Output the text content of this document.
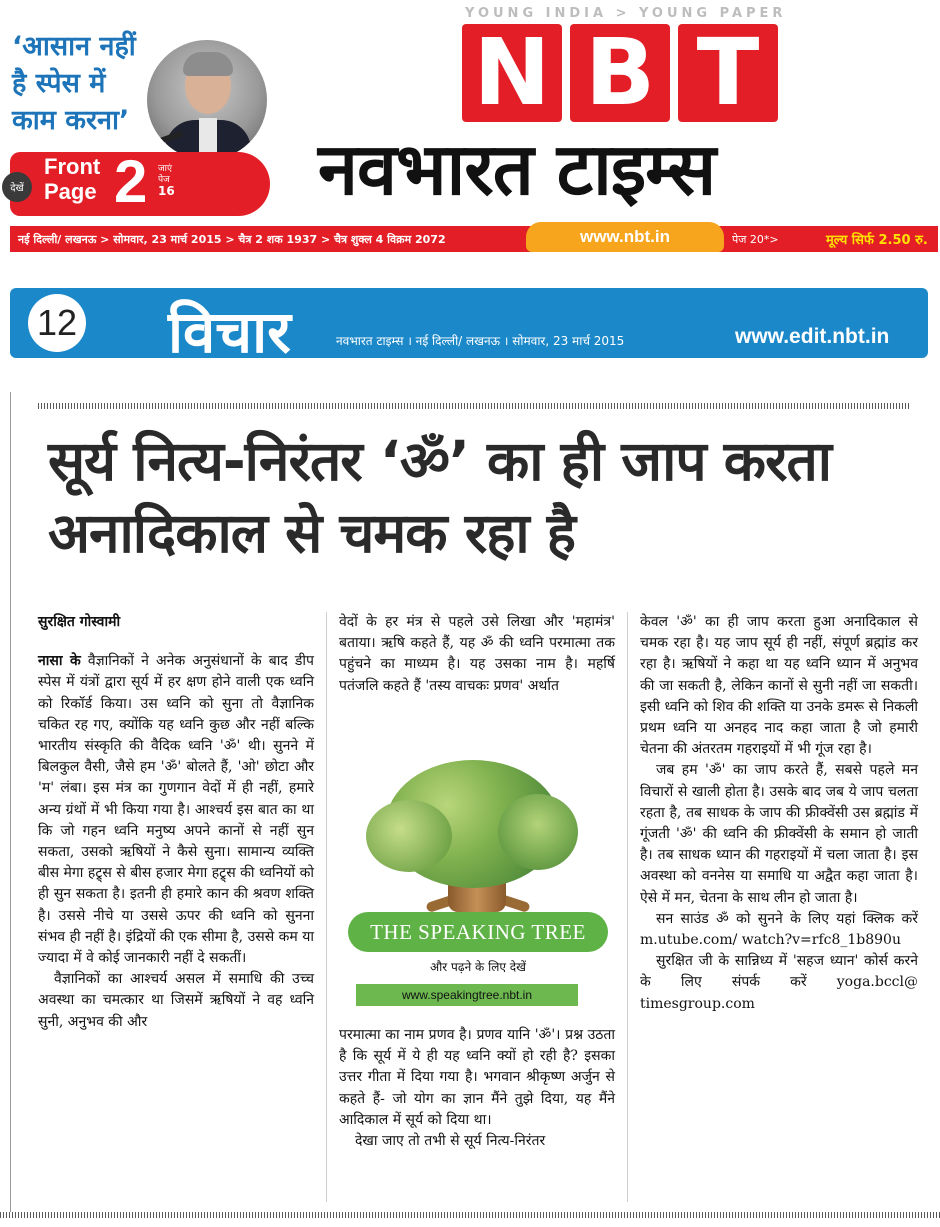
YOUNG INDIA > YOUNG PAPER
N B T
नवभारत टाइम्स
‘आसान नहीं है स्पेस में काम करना’
देखें
Front
Page 2 जाएं
पेज
16
नई दिल्ली/ लखनऊ > सोमवार, 23 मार्च 2015 > चैत्र 2 शक 1937 > चैत्र शुक्ल 4 विक्रम 2072	www.nbt.in	पेज 20*>	मूल्य सिर्फ 2.50 रु.
12 विचार	नवभारत टाइम्स । नई दिल्ली/ लखनऊ । सोमवार, 23 मार्च 2015	www.edit.nbt.in
सूर्य नित्य-निरंतर ‘ॐ’ का ही जाप करता अनादिकाल से चमक रहा है

सुरक्षित गोस्वामी

नासा के वैज्ञानिकों ने अनेक अनुसंधानों के बाद डीप स्पेस में यंत्रों द्वारा सूर्य में हर क्षण होने वाली एक ध्वनि को रिकॉर्ड किया। उस ध्वनि को सुना तो वैज्ञानिक चकित रह गए, क्योंकि यह ध्वनि कुछ और नहीं बल्कि भारतीय संस्कृति की वैदिक ध्वनि 'ॐ' थी। सुनने में बिलकुल वैसी, जैसे हम 'ॐ' बोलते हैं, 'ओ' छोटा और 'म' लंबा। इस मंत्र का गुणगान वेदों में ही नहीं, हमारे अन्य ग्रंथों में भी किया गया है। आश्चर्य इस बात का था कि जो गहन ध्वनि मनुष्य अपने कानों से नहीं सुन सकता, उसको ऋषियों ने कैसे सुना। सामान्य व्यक्ति बीस मेगा हट्र्स से बीस हजार मेगा हट्र्स की ध्वनियों को ही सुन सकता है। इतनी ही हमारे कान की श्रवण शक्ति है। उससे नीचे या उससे ऊपर की ध्वनि को सुनना संभव ही नहीं है। इंद्रियों की एक सीमा है, उससे कम या ज्यादा में वे कोई जानकारी नहीं दे सकतीं।

वैज्ञानिकों का आश्चर्य असल में समाधि की उच्च अवस्था का चमत्कार था जिसमें ऋषियों ने वह ध्वनि सुनी, अनुभव की और

वेदों के हर मंत्र से पहले उसे लिखा और 'महामंत्र' बताया। ऋषि कहते हैं, यह ॐ की ध्वनि परमात्मा तक पहुंचने का माध्यम है। यह उसका नाम है। महर्षि पतंजलि कहते हैं 'तस्य वाचकः प्रणव' अर्थात

THE SPEAKING TREE
और पढ़ने के लिए देखें
www.speakingtree.nbt.in

परमात्मा का नाम प्रणव है। प्रणव यानि 'ॐ'। प्रश्न उठता है कि सूर्य में ये ही यह ध्वनि क्यों हो रही है? इसका उत्तर गीता में दिया गया है। भगवान श्रीकृष्ण अर्जुन से कहते हैं- जो योग का ज्ञान मैंने तुझे दिया, यह मैंने आदिकाल में सूर्य को दिया था।

देखा जाए तो तभी से सूर्य नित्य-निरंतर

केवल 'ॐ' का ही जाप करता हुआ अनादिकाल से चमक रहा है। यह जाप सूर्य ही नहीं, संपूर्ण ब्रह्मांड कर रहा है। ऋषियों ने कहा था यह ध्वनि ध्यान में अनुभव की जा सकती है, लेकिन कानों से सुनी नहीं जा सकती। इसी ध्वनि को शिव की शक्ति या उनके डमरू से निकली प्रथम ध्वनि या अनहद नाद कहा जाता है जो हमारी चेतना की अंतरतम गहराइयों में भी गूंज रहा है।

जब हम 'ॐ' का जाप करते हैं, सबसे पहले मन विचारों से खाली होता है। उसके बाद जब ये जाप चलता रहता है, तब साधक के जाप की फ्रीक्वेंसी उस ब्रह्मांड में गूंजती 'ॐ' की ध्वनि की फ्रीक्वेंसी के समान हो जाती है। तब साधक ध्यान की गहराइयों में चला जाता है। इस अवस्था को वननेस या समाधि या अद्वैत कहा जाता है। ऐसे में मन, चेतना के साथ लीन हो जाता है।

सन साउंड ॐ को सुनने के लिए यहां क्लिक करें m.utube.com/ watch?v=rfc8_1b890u

सुरक्षित जी के सान्निध्य में 'सहज ध्यान' कोर्स करने के लिए संपर्क करें yoga.bccl@ timesgroup.com
